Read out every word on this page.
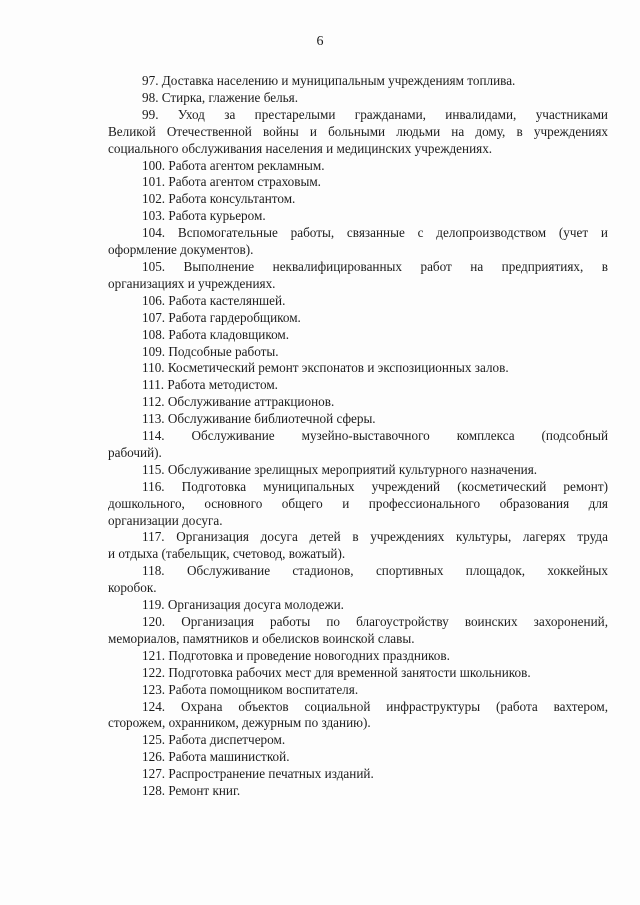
6

97. Доставка населению и муниципальным учреждениям топлива.

98. Стирка, глажение белья.

99. Уход за престарелыми гражданами, инвалидами, участниками
Великой Отечественной войны и больными людьми на дому, в учреждениях
социального обслуживания населения и медицинских учреждениях.

100. Работа агентом рекламным.

101. Работа агентом страховым.

102. Работа консультантом.

103. Работа курьером.

104. Вспомогательные работы, связанные с делопроизводством (учет и
оформление документов).

105. Выполнение неквалифицированных работ на предприятиях, в
организациях и учреждениях.

106. Работа кастеляншей.

107. Работа гардеробщиком.

108. Работа кладовщиком.

109. Подсобные работы.

110. Косметический ремонт экспонатов и экспозиционных залов.

111. Работа методистом.

112. Обслуживание аттракционов.

113. Обслуживание библиотечной сферы.

114. Обслуживание музейно-выставочного комплекса (подсобный
рабочий).

115. Обслуживание зрелищных мероприятий культурного назначения.

116. Подготовка муниципальных учреждений (косметический ремонт)
дошкольного, основного общего и профессионального образования для
организации досуга.

117. Организация досуга детей в учреждениях культуры, лагерях труда
и отдыха (табельщик, счетовод, вожатый).

118. Обслуживание стадионов, спортивных площадок, хоккейных
коробок.

119. Организация досуга молодежи.

120. Организация работы по благоустройству воинских захоронений,
мемориалов, памятников и обелисков воинской славы.

121. Подготовка и проведение новогодних праздников.

122. Подготовка рабочих мест для временной занятости школьников.

123. Работа помощником воспитателя.

124. Охрана объектов социальной инфраструктуры (работа вахтером,
сторожем, охранником, дежурным по зданию).

125. Работа диспетчером.

126. Работа машинисткой.

127. Распространение печатных изданий.

128. Ремонт книг.
